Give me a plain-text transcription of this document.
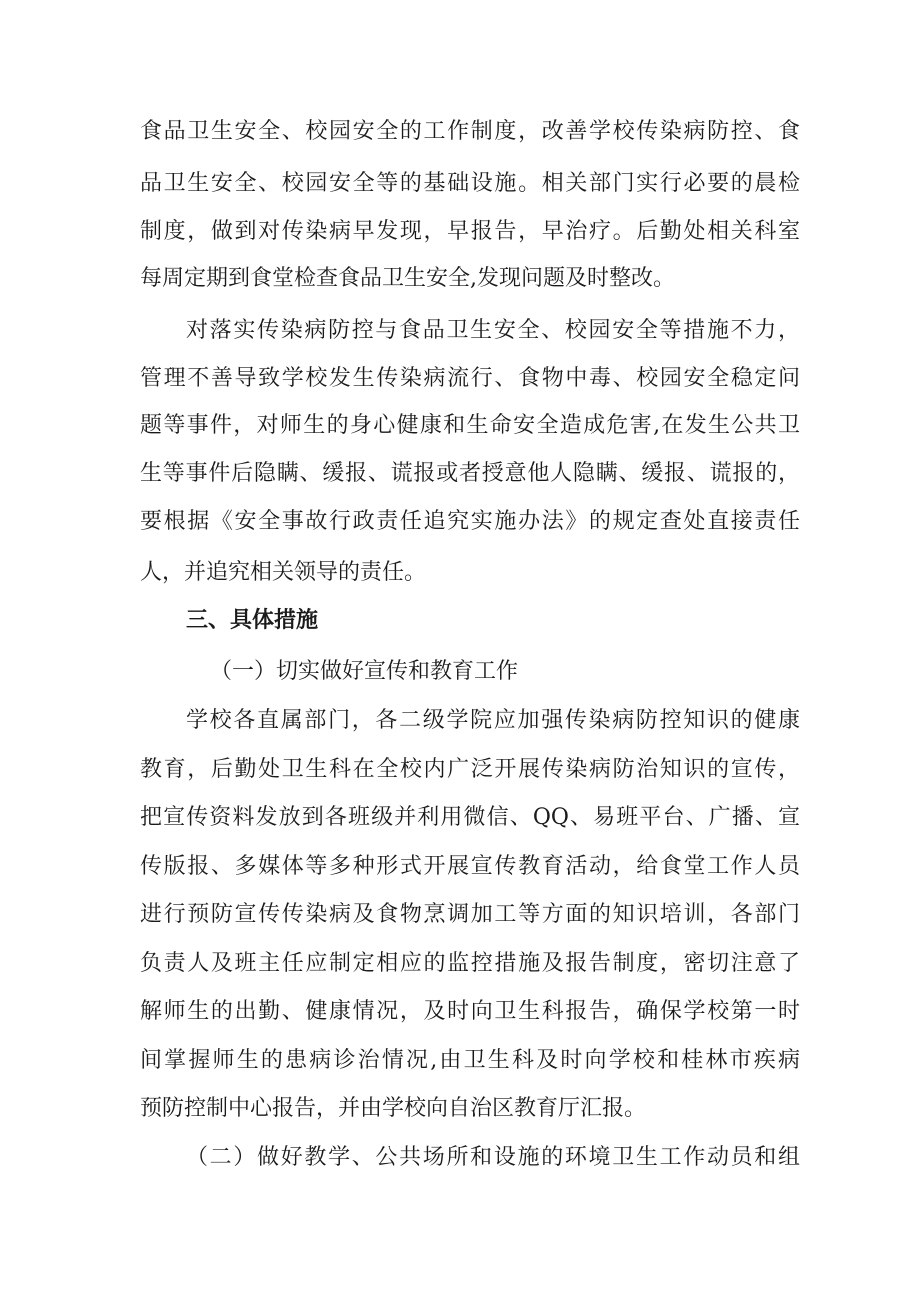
食品卫生安全、校园安全的工作制度，改善学校传染病防控、食
品卫生安全、校园安全等的基础设施。相关部门实行必要的晨检
制度，做到对传染病早发现，早报告，早治疗。后勤处相关科室
每周定期到食堂检查食品卫生安全,发现问题及时整改。
对落实传染病防控与食品卫生安全、校园安全等措施不力，
管理不善导致学校发生传染病流行、食物中毒、校园安全稳定问
题等事件，对师生的身心健康和生命安全造成危害,在发生公共卫
生等事件后隐瞒、缓报、谎报或者授意他人隐瞒、缓报、谎报的，
要根据《安全事故行政责任追究实施办法》的规定查处直接责任
人，并追究相关领导的责任。
三、具体措施
（一）切实做好宣传和教育工作
学校各直属部门，各二级学院应加强传染病防控知识的健康
教育，后勤处卫生科在全校内广泛开展传染病防治知识的宣传，
把宣传资料发放到各班级并利用微信、QQ、易班平台、广播、宣
传版报、多媒体等多种形式开展宣传教育活动，给食堂工作人员
进行预防宣传传染病及食物烹调加工等方面的知识培训，各部门
负责人及班主任应制定相应的监控措施及报告制度，密切注意了
解师生的出勤、健康情况，及时向卫生科报告，确保学校第一时
间掌握师生的患病诊治情况,由卫生科及时向学校和桂林市疾病
预防控制中心报告，并由学校向自治区教育厅汇报。
（二）做好教学、公共场所和设施的环境卫生工作动员和组
